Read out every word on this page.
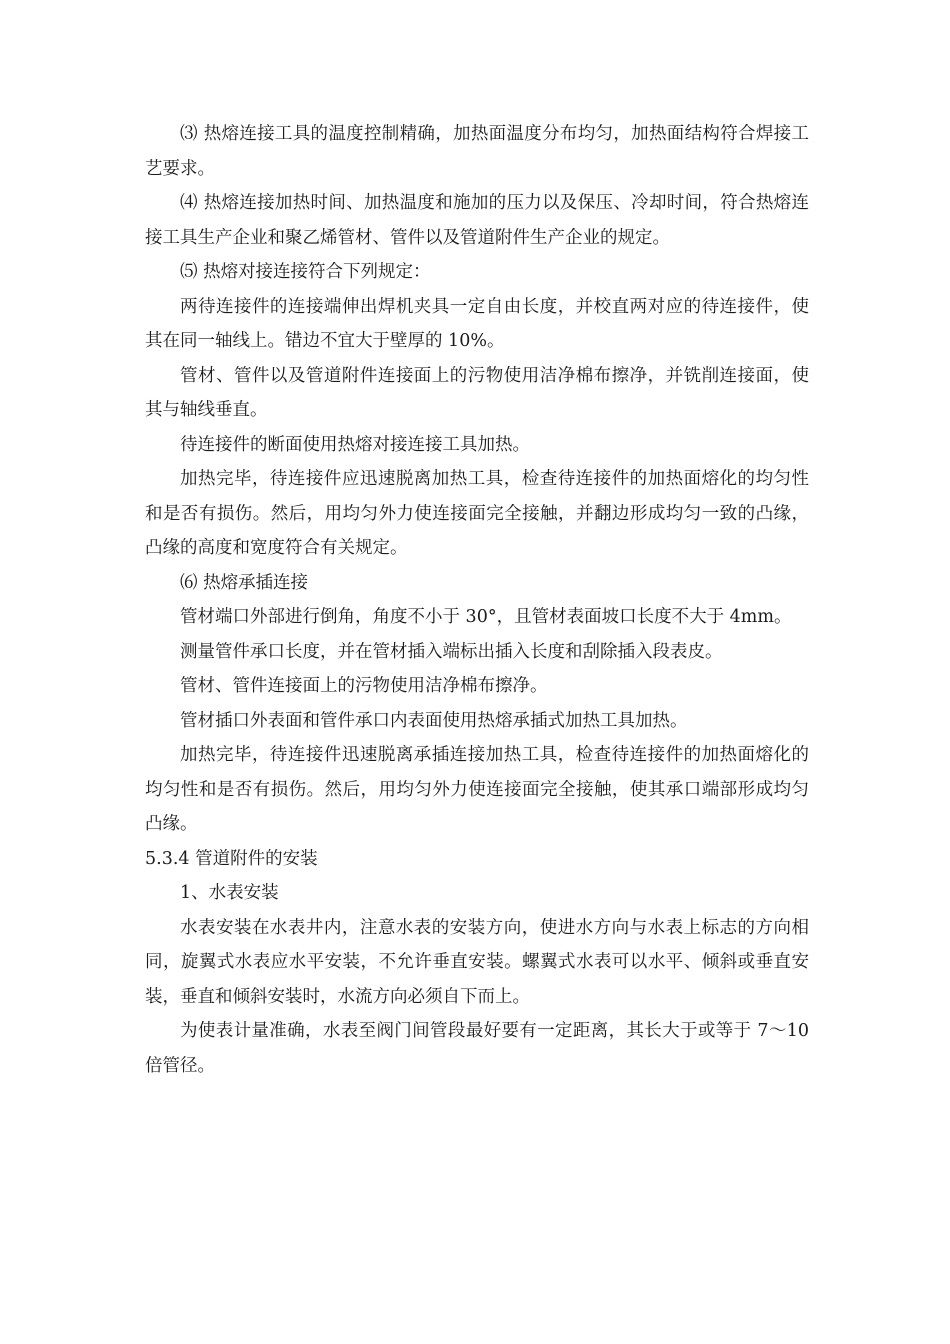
⑶ 热熔连接工具的温度控制精确，加热面温度分布均匀，加热面结构符合焊接工艺要求。

⑷ 热熔连接加热时间、加热温度和施加的压力以及保压、冷却时间，符合热熔连接工具生产企业和聚乙烯管材、管件以及管道附件生产企业的规定。

⑸ 热熔对接连接符合下列规定：

两待连接件的连接端伸出焊机夹具一定自由长度，并校直两对应的待连接件，使其在同一轴线上。错边不宜大于壁厚的 10%。

管材、管件以及管道附件连接面上的污物使用洁净棉布擦净，并铣削连接面，使其与轴线垂直。

待连接件的断面使用热熔对接连接工具加热。

加热完毕，待连接件应迅速脱离加热工具，检查待连接件的加热面熔化的均匀性和是否有损伤。然后，用均匀外力使连接面完全接触，并翻边形成均匀一致的凸缘，凸缘的高度和宽度符合有关规定。

⑹ 热熔承插连接

管材端口外部进行倒角，角度不小于 30°，且管材表面坡口长度不大于 4mm。

测量管件承口长度，并在管材插入端标出插入长度和刮除插入段表皮。

管材、管件连接面上的污物使用洁净棉布擦净。

管材插口外表面和管件承口内表面使用热熔承插式加热工具加热。

加热完毕，待连接件迅速脱离承插连接加热工具，检查待连接件的加热面熔化的均匀性和是否有损伤。然后，用均匀外力使连接面完全接触，使其承口端部形成均匀凸缘。

5.3.4 管道附件的安装

1、水表安装

水表安装在水表井内，注意水表的安装方向，使进水方向与水表上标志的方向相同，旋翼式水表应水平安装，不允许垂直安装。螺翼式水表可以水平、倾斜或垂直安装，垂直和倾斜安装时，水流方向必须自下而上。

为使表计量准确，水表至阀门间管段最好要有一定距离，其长大于或等于 7～10 倍管径。
